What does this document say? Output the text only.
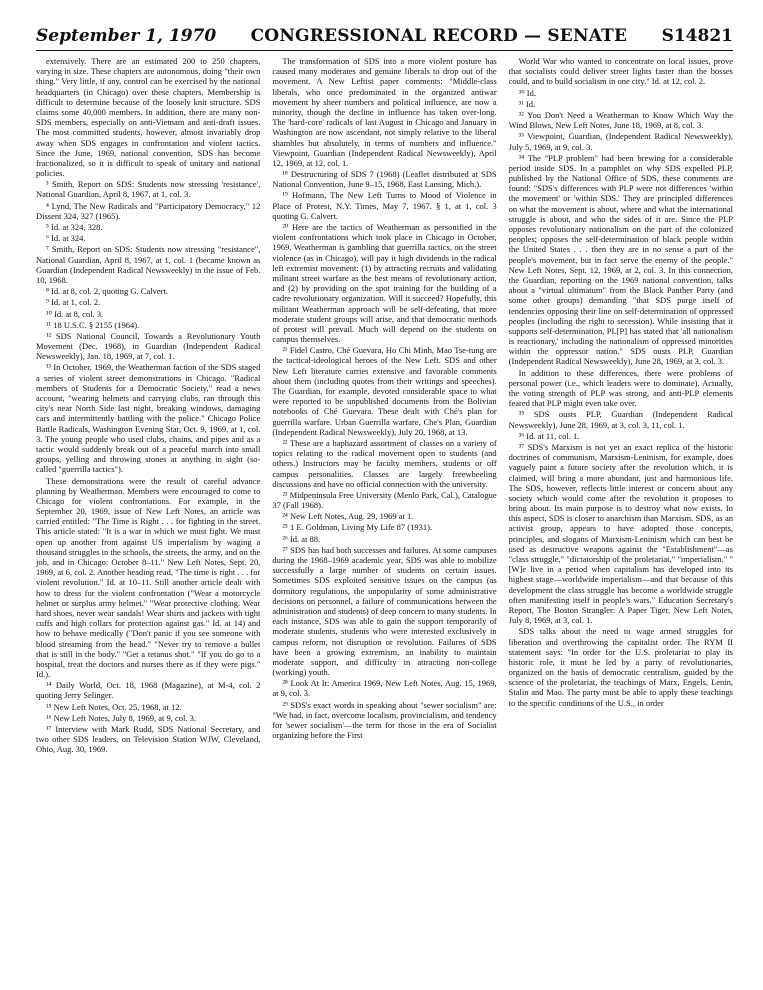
September 1, 1970 CONGRESSIONAL RECORD — SENATE S14821

extensively. There are an estimated 200 to 250 chapters, varying in size. These chapters are autonomous, doing "their own thing." Very little, if any, control can be exercised by the national headquarters (in Chicago) over these chapters. Membership is difficult to determine because of the loosely knit structure. SDS claims some 40,000 members. In addition, there are many non-SDS members, especially on anti-Vietnam and anti-draft issues. The most committed students, however, almost invariably drop away when SDS engages in confrontation and violent tactics. Since the June, 1969, national convention, SDS has become fractionalized, so it is difficult to speak of unitary and national policies.

³ Smith, Report on SDS: Students now stressing 'resistance', National Guardian, April 8, 1967, at 1, col. 3.

⁴ Lynd, The New Radicals and "Participatory Democracy," 12 Dissent 324, 327 (1965).

⁵ Id. at 324, 328.

⁶ Id. at 324.

⁷ Smith, Report on SDS: Students now stressing "resistance", National Guardian, April 8, 1967, at 1, col. 1 (became known as Guardian (Independent Radical Newsweekly) in the issue of Feb. 10, 1968.

⁸ Id. at 8, col. 2, quoting G. Calvert.

⁹ Id. at 1, col. 2.

¹⁰ Id. at 8, col. 3.

¹¹ 18 U.S.C. § 2155 (1964).

¹² SDS National Council, Towards a Revolutionary Youth Movement (Dec. 1968), in Guardian (Independent Radical Newsweekly), Jan. 18, 1969, at 7, col. 1.

¹³ In October, 1969, the Weatherman faction of the SDS staged a series of violent street demonstrations in Chicago. "Radical members of Students for a Democratic Society," read a news account, "wearing helmets and carrying clubs, ran through this city's near North Side last night, breaking windows, damaging cars and intermittently battling with the police." Chicago Police Battle Radicals, Washington Evening Star, Oct. 9, 1969, at 1, col. 3. The young people who used clubs, chains, and pipes and as a tactic would suddenly break out of a peaceful march into small groups, yelling and throwing stones at anything in sight (so-called "guerrilla tactics").

These demonstrations were the result of careful advance planning by Weatherman. Members were encouraged to come to Chicago for violent confrontations. For example, in the September 20, 1969, issue of New Left Notes, an article was carried entitled: "The Time is Right . . . for fighting in the street. This article stated: "It is a war in which we must fight. We must open up another front against US imperialism by waging a thousand struggles in the schools, the streets, the army, and on the job, and in Chicago: October 8–11." New Left Notes, Sept. 20, 1969, at 6, col. 2. Another heading read, "The time is right . . . for violent revolution." Id. at 10–11. Still another article dealt with how to dress for the violent confrontation ("Wear a motorcycle helmet or surplus army helmet." "Wear protective clothing. Wear hard shoes, never wear sandals! Wear shirts and jackets with tight cuffs and high collars for protection against gas." Id. at 14) and how to behave medically ("Don't panic if you see someone with blood streaming from the head." "Never try to remove a bullet that is still in the body." "Get a tetanus shot." "If you do go to a hospital, treat the doctors and nurses there as if they were pigs." Id.).

¹⁴ Daily World, Oct. 18, 1968 (Magazine), at M-4, col. 2 quoting Jerry Selinger.

¹⁵ New Left Notes, Oct. 25, 1968, at 12.

¹⁶ New Left Notes, July 8, 1969, at 9, col. 3.

¹⁷ Interview with Mark Rudd, SDS National Secretary, and two other SDS leaders, on Television Station WJW, Cleveland, Ohio, Aug. 30, 1969.

The transformation of SDS into a more violent posture has caused many moderates and genuine liberals to drop out of the movement. A New Leftist paper comments: "Middle-class liberals, who once predominated in the organized antiwar movement by sheer numbers and political influence, are now a minority, though the decline in influence has taken over-long. The 'hard-core' radicals of last August in Chicago and January in Washington are now ascendant, not simply relative to the liberal shambles but absolutely, in terms of numbers and influence." Viewpoint, Guardian (Independent Radical Newsweekly), April 12, 1969, at 12, col. 1.

¹⁸ Destructuring of SDS 7 (1968) (Leaflet distributed at SDS National Convention, June 9–15, 1968, East Lansing, Mich.).

¹⁹ Hofmann, The New Left Turns to Mood of Violence in Place of Protest, N.Y. Times, May 7, 1967. § 1, at 1, col. 3 quoting G. Calvert.

²⁰ Here are the tactics of Weatherman as personified in the violent confrontations which took place in Chicago in October, 1969. Weatherman is gambling that guerrilla tactics, on the street violence (as in Chicago), will pay it high dividends in the radical left extremist movement: (1) by attracting recruits and validating militant street warfare as the best means of revolutionary action, and (2) by providing on the spot training for the building of a cadre revolutionary organization. Will it succeed? Hopefully, this militant Weatherman approach will be self-defeating, that more moderate student groups will arise, and that democratic methods of protest will prevail. Much will depend on the students on campus themselves.

²¹ Fidel Castro, Ché Guevara, Ho Chi Minh, Mao Tse-tung are the tactical-ideological heroes of the New Left. SDS and other New Left literature carries extensive and favorable comments about them (including quotes from their writings and speeches). The Guardian, for example, devoted considerable space to what were reported to be unpublished documents from the Bolivian notebooks of Ché Guevara. These dealt with Ché's plan for guerrilla warfare. Urban Guerrilla warfare, Che's Plan, Guardian (Independent Radical Newsweekly), July 20, 1968, at 13.

²² These are a haphazard assortment of classes on a variety of topics relating to the radical movement open to students (and others.) Instructors may be faculty members, students or off campus personalities. Classes are largely freewheeling discussions and have no official connection with the university.

²³ Midpeninsula Free University (Menlo Park, Cal.), Catalogue 37 (Fall 1968).

²⁴ New Left Notes, Aug. 29, 1969 at 1.

²⁵ 1 E. Goldman, Living My Life 87 (1931).

²⁶ Id. at 88.

²⁷ SDS has had both successes and failures. At some campuses during the 1968–1969 academic year, SDS was able to mobilize successfully a large number of students on certain issues. Sometimes SDS exploited sensitive issues on the campus (as dormitory regulations, the unpopularity of some administrative decisions on personnel, a failure of communications between the administration and students) of deep concern to many students. In each instance, SDS was able to gain the support temporarily of moderate students, students who were interested exclusively in campus reform, not disruption or revolution. Failures of SDS have been a growing extremism, an inability to maintain moderate support, and difficulty in attracting non-college (working) youth.

²⁸ Look At It: America 1969, New Left Notes, Aug. 15, 1969, at 9, col. 3.

²⁹ SDS's exact words in speaking about "sewer socialism" are: "We had, in fact, overcome localism, provincialism, and tendency for 'sewer socialism'—the term for those in the era of Socialist organizing before the First

World War who wanted to concentrate on local issues, prove that socialists could deliver street lights faster than the bosses could, and to build socialism in one city." Id. at 12, col. 2.

³⁰ Id.

³¹ Id.

³² You Don't Need a Weatherman to Know Which Way the Wind Blows, New Left Notes, June 18, 1969, at 8, col. 3.

³³ Viewpoint, Guardian, (Independent Radical Newsweekly), July 5, 1969, at 9, col. 3.

³⁴ The "PLP problem" had been brewing for a considerable period inside SDS. In a pamphlet on why SDS expelled PLP, published by the National Office of SDS, these comments are found: "SDS's differences with PLP were not differences 'within the movement' or 'within SDS.' They are principled differences on what the movement is about, where and what the international struggle is about, and who the sides of it are. Since the PLP opposes revolutionary nationalism on the part of the colonized peoples; opposes the self-determination of black people within the United States . . . then they are in no sense a part of the people's movement, but in fact serve the enemy of the people." New Left Notes, Sept. 12, 1969, at 2, col. 3. In this connection, the Guardian, reporting on the 1969 national convention, talks about a "virtual ultimatum" from the Black Panther Party (and some other groups) demanding "that SDS purge itself of tendencies opposing their line on self-determination of oppressed peoples (including the right to secession). While insisting that it supports self-determination, PL[P] has stated that 'all nationalism is reactionary,' including the nationalism of oppressed minorities within the oppressor nation." SDS ousts PLP, Guardian (Independent Radical Newsweekly), June 28, 1969, at 3, col. 3.

In addition to these differences, there were problems of personal power (i.e., which leaders were to dominate). Actually, the voting strength of PLP was strong, and anti-PLP elements feared that PLP might even take over.

³⁵ SDS ousts PLP, Guardian (Independent Radical Newsweekly), June 28, 1969, at 3, col. 3, 11, col. 1.

³⁶ Id. at 11, col. 1.

³⁷ SDS's Marxism is not yet an exact replica of the historic doctrines of communism, Marxism-Leninism, for example, does vaguely paint a future society after the revolution which, it is claimed, will bring a more abundant, just and harmonious life. The SDS, however, reflects little interest or concern about any society which would come after the revolution it proposes to bring about. Its main purpose is to destroy what now exists. In this aspect, SDS is closer to anarchism than Marxism. SDS, as an activist group, appears to have adopted those concepts, principles, and slogans of Marxism-Leninism which can best be used as destructive weapons against the "Establishment"—as "class struggle," "dictatorship of the proletariat," "imperialism." "[W]e live in a period when capitalism has developed into its highest stage—worldwide imperialism—and that because of this development the class struggle has become a worldwide struggle often manifesting itself in people's wars." Education Secretary's Report, The Boston Strangler: A Paper Tiger, New Left Notes, July 8, 1969, at 3, col. 1.

SDS talks about the need to wage armed struggles for liberation and overthrowing the capitalist order. The RYM II statement says: "In order for the U.S. proletariat to play its historic role, it must be led by a party of revolutionaries, organized on the basis of democratic centralism, guided by the science of the proletariat, the teachings of Marx, Engels, Lenin, Stalin and Mao. The party must be able to apply these teachings to the specific conditions of the U.S., in order
